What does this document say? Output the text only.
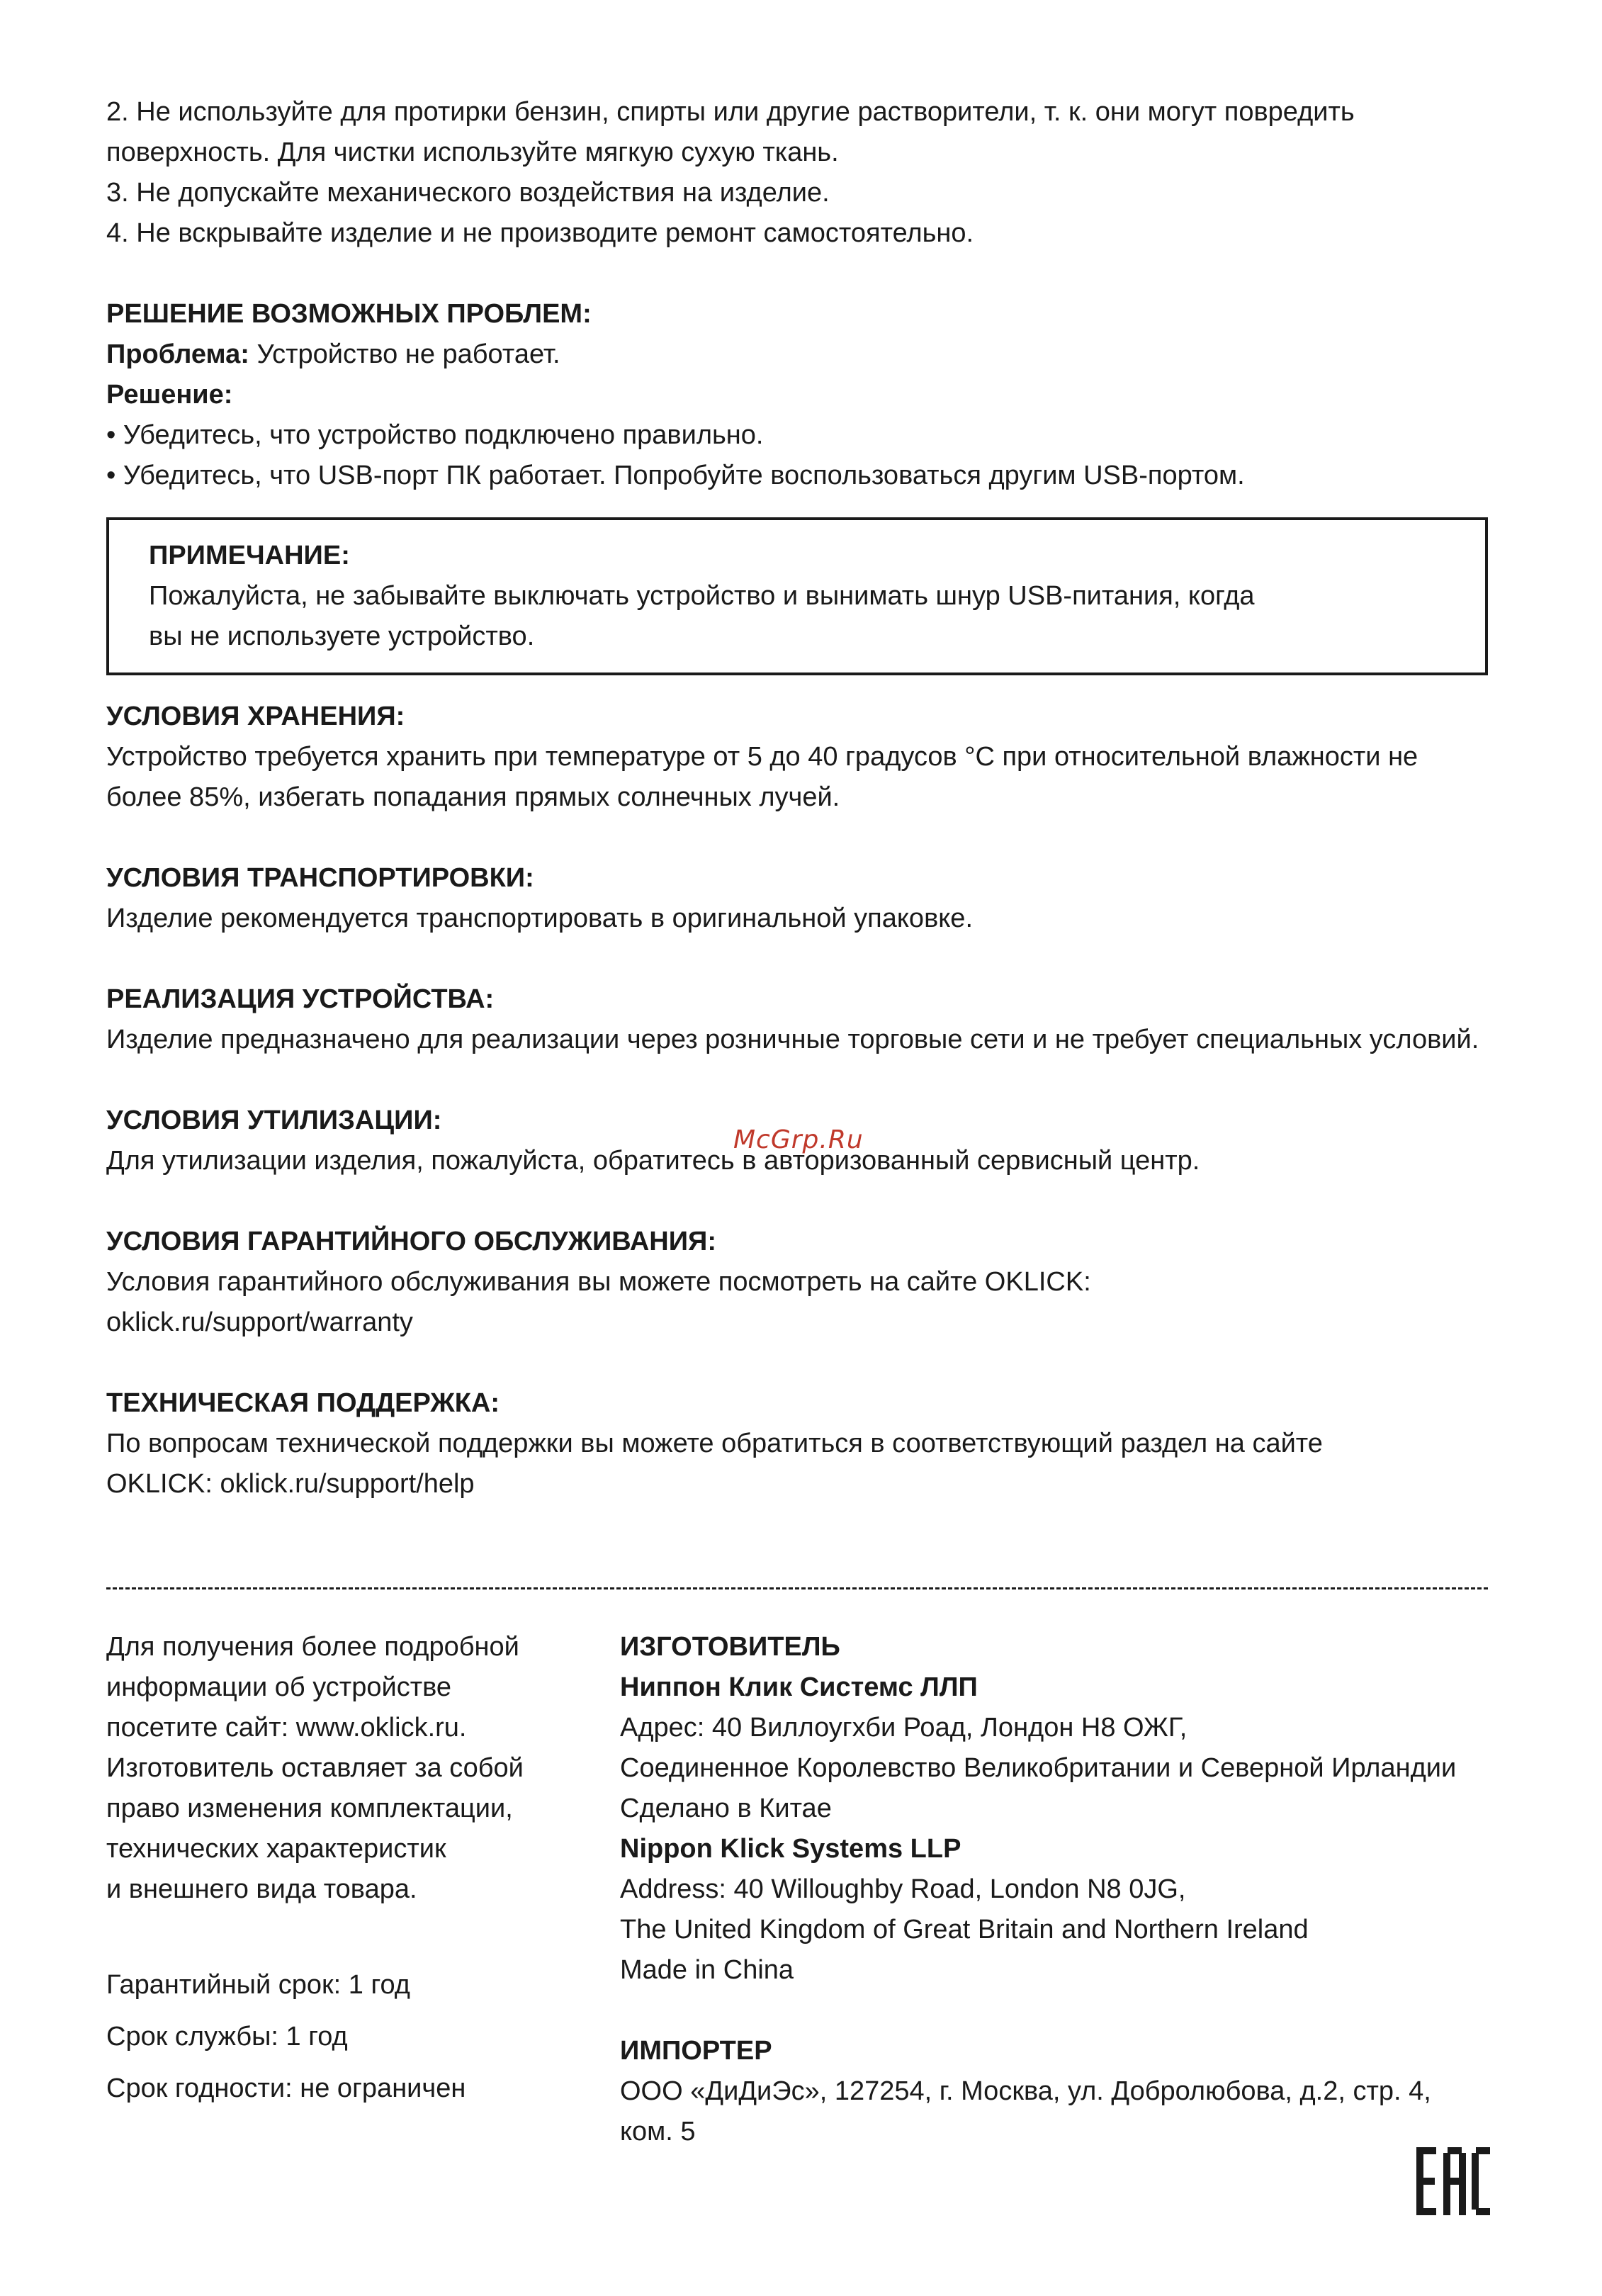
2. Не используйте для протирки бензин, спирты или другие растворители, т. к. они могут повредить поверхность. Для чистки используйте мягкую сухую ткань.

3. Не допускайте механического воздействия на изделие.

4. Не вскрывайте изделие и не производите ремонт самостоятельно.

РЕШЕНИЕ ВОЗМОЖНЫХ ПРОБЛЕМ:

Проблема: Устройство не работает.

Решение:

• Убедитесь, что устройство подключено правильно.

• Убедитесь, что USB-порт ПК работает. Попробуйте воспользоваться другим USB-портом.

ПРИМЕЧАНИЕ:

Пожалуйста, не забывайте выключать устройство и вынимать шнур USB-питания, когда

вы не используете устройство.

УСЛОВИЯ ХРАНЕНИЯ:

Устройство требуется хранить при температуре от 5 до 40 градусов °С при относительной влажности не более 85%, избегать попадания прямых солнечных лучей.

УСЛОВИЯ ТРАНСПОРТИРОВКИ:

Изделие рекомендуется транспортировать в оригинальной упаковке.

РЕАЛИЗАЦИЯ УСТРОЙСТВА:

Изделие предназначено для реализации через розничные торговые сети и не требует специальных условий.

УСЛОВИЯ УТИЛИЗАЦИИ:

Для утилизации изделия, пожалуйста, обратитесь в авторизованный сервисный центр.

УСЛОВИЯ ГАРАНТИЙНОГО ОБСЛУЖИВАНИЯ:

Условия гарантийного обслуживания вы можете посмотреть на сайте OKLICK:

oklick.ru/support/warranty

ТЕХНИЧЕСКАЯ ПОДДЕРЖКА:

По вопросам технической поддержки вы можете обратиться в соответствующий раздел на сайте

OKLICK: oklick.ru/support/help

McGrp.Ru

Для получения более подробной

информации об устройстве

посетите сайт: www.oklick.ru.

Изготовитель оставляет за собой

право изменения комплектации,

технических характеристик

и внешнего вида товара.

Гарантийный срок: 1 год

Срок службы: 1 год

Срок годности: не ограничен

ИЗГОТОВИТЕЛЬ

Ниппон Клик Системс ЛЛП

Адрес: 40 Виллоугхби Роад, Лондон Н8 ОЖГ,

Соединенное Королевство Великобритании и Северной Ирландии

Сделано в Китае

Nippon Klick Systems LLP

Address: 40 Willoughby Road, London N8 0JG,

The United Kingdom of Great Britain and Northern Ireland

Made in China

ИМПОРТЕР

ООО «ДиДиЭс», 127254, г. Москва, ул. Добролюбова, д.2, стр. 4, ком. 5
